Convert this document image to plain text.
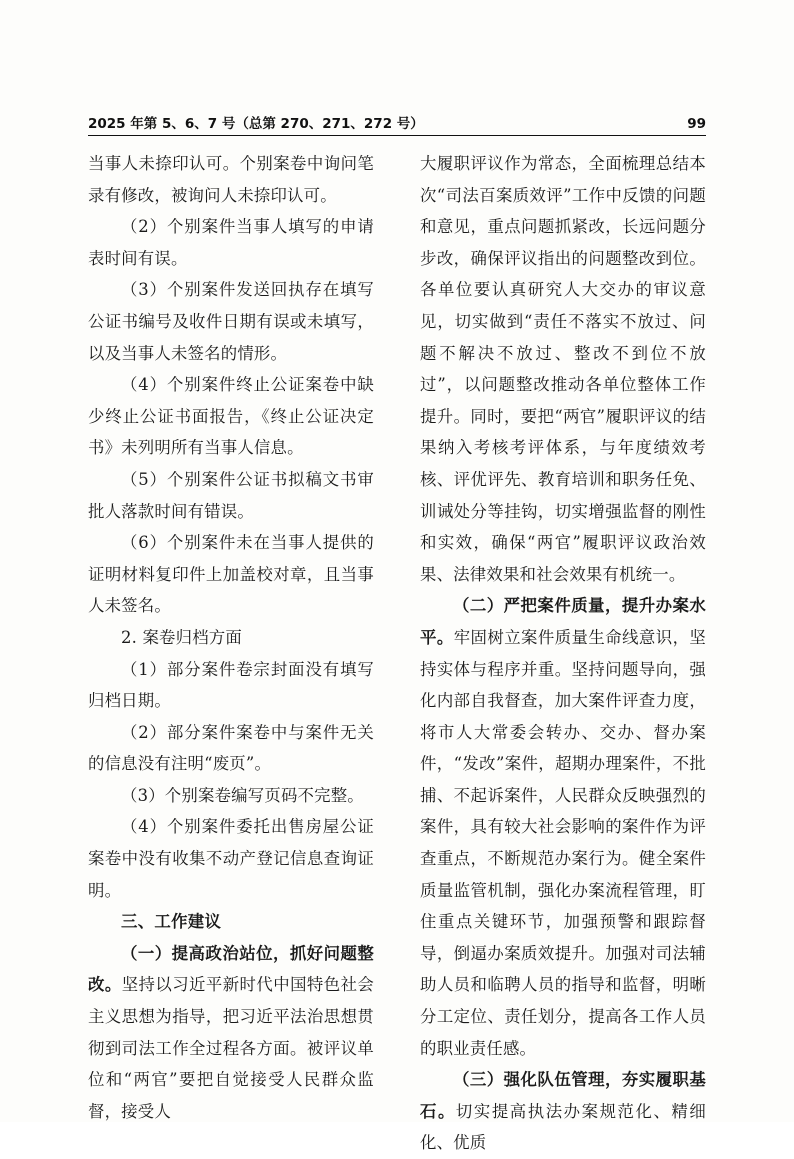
2025 年第 5、6、7 号（总第 270、271、272 号）	99

当事人未捺印认可。个别案卷中询问笔录有修改，被询问人未捺印认可。

（2）个别案件当事人填写的申请表时间有误。

（3）个别案件发送回执存在填写公证书编号及收件日期有误或未填写，以及当事人未签名的情形。

（4）个别案件终止公证案卷中缺少终止公证书面报告，《终止公证决定书》未列明所有当事人信息。

（5）个别案件公证书拟稿文书审批人落款时间有错误。

（6）个别案件未在当事人提供的证明材料复印件上加盖校对章，且当事人未签名。

2. 案卷归档方面

（1）部分案件卷宗封面没有填写归档日期。

（2）部分案件案卷中与案件无关的信息没有注明“废页”。

（3）个别案卷编写页码不完整。

（4）个别案件委托出售房屋公证案卷中没有收集不动产登记信息查询证明。

三、工作建议

（一）提高政治站位，抓好问题整改。坚持以习近平新时代中国特色社会主义思想为指导，把习近平法治思想贯彻到司法工作全过程各方面。被评议单位和“两官”要把自觉接受人民群众监督，接受人

大履职评议作为常态，全面梳理总结本次“司法百案质效评”工作中反馈的问题和意见，重点问题抓紧改，长远问题分步改，确保评议指出的问题整改到位。各单位要认真研究人大交办的审议意见，切实做到“责任不落实不放过、问题不解决不放过、整改不到位不放过”，以问题整改推动各单位整体工作提升。同时，要把“两官”履职评议的结果纳入考核考评体系，与年度绩效考核、评优评先、教育培训和职务任免、训诫处分等挂钩，切实增强监督的刚性和实效，确保“两官”履职评议政治效果、法律效果和社会效果有机统一。

（二）严把案件质量，提升办案水平。牢固树立案件质量生命线意识，坚持实体与程序并重。坚持问题导向，强化内部自我督查，加大案件评查力度，将市人大常委会转办、交办、督办案件，“发改”案件，超期办理案件，不批捕、不起诉案件，人民群众反映强烈的案件，具有较大社会影响的案件作为评查重点，不断规范办案行为。健全案件质量监管机制，强化办案流程管理，盯住重点关键环节，加强预警和跟踪督导，倒逼办案质效提升。加强对司法辅助人员和临聘人员的指导和监督，明晰分工定位、责任划分，提高各工作人员的职业责任感。

（三）强化队伍管理，夯实履职基石。切实提高执法办案规范化、精细化、优质
